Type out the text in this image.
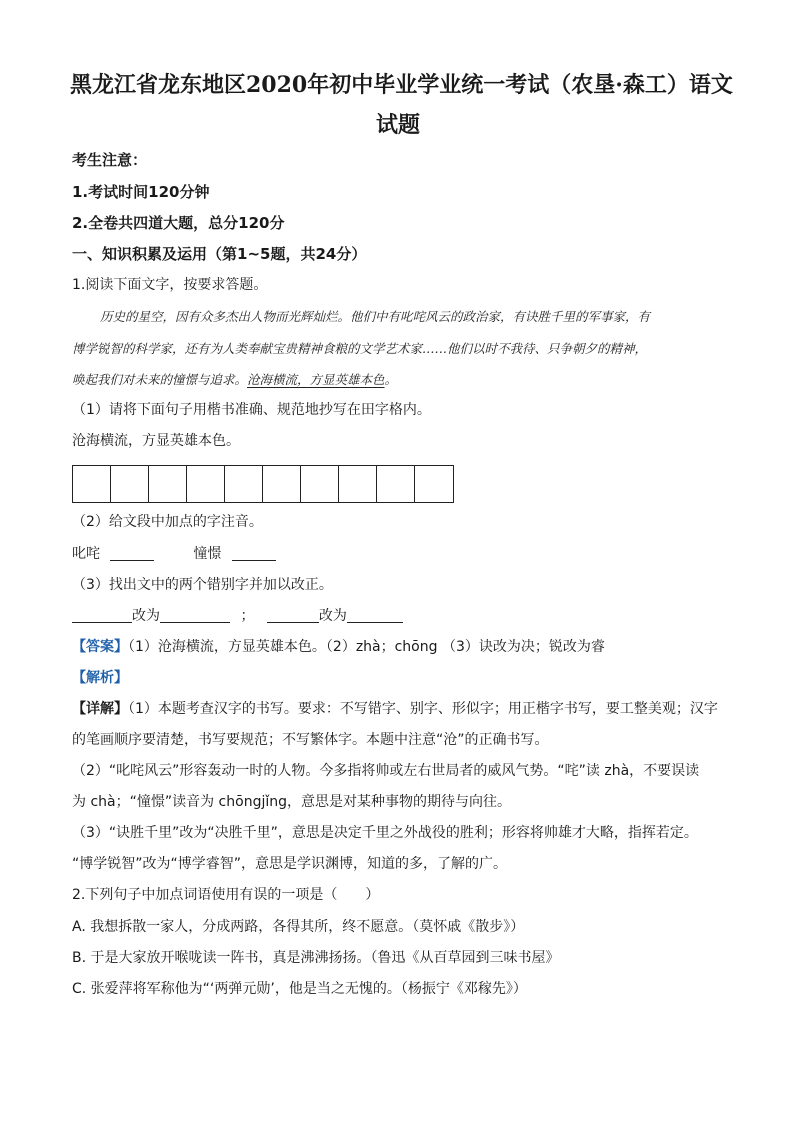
黑龙江省龙东地区2020年初中毕业学业统一考试（农垦·森工）语文
试题
考生注意：
1.考试时间120分钟
2.全卷共四道大题，总分120分
一、知识积累及运用（第1~5题，共24分）
1.阅读下面文字，按要求答题。
历史的星空，因有众多杰出人物而光辉灿烂。他们中有叱咤风云的政治家，有诀胜千里的军事家，有
博学锐智的科学家，还有为人类奉献宝贵精神食粮的文学艺术家……他们以时不我待、只争朝夕的精神，
唤起我们对未来的憧憬与追求。沧海横流，方显英雄本色。
（1）请将下面句子用楷书准确、规范地抄写在田字格内。
沧海横流，方显英雄本色。
（2）给文段中加点的字注音。
叱咤	憧憬
（3）找出文中的两个错别字并加以改正。
改为	；	改为
【答案】（1）沧海横流，方显英雄本色。（2）zhà；chōng （3）诀改为决；锐改为睿
【解析】
【详解】（1）本题考查汉字的书写。要求：不写错字、别字、形似字；用正楷字书写，要工整美观；汉字
的笔画顺序要清楚，书写要规范；不写繁体字。本题中注意“沧”的正确书写。
（2）“叱咤风云”形容轰动一时的人物。今多指将帅或左右世局者的威风气势。“咤”读 zhà，不要误读
为 chà；“憧憬”读音为 chōngjǐng，意思是对某种事物的期待与向往。
（3）“诀胜千里”改为“决胜千里”，意思是决定千里之外战役的胜利；形容将帅雄才大略，指挥若定。
“博学锐智”改为“博学睿智”，意思是学识渊博，知道的多，了解的广。
2.下列句子中加点词语使用有误的一项是（　　）
A. 我想拆散一家人，分成两路，各得其所，终不愿意。（莫怀戚《散步》）
B. 于是大家放开喉咙读一阵书，真是沸沸扬扬。（鲁迅《从百草园到三味书屋》
C. 张爱萍将军称他为“‘两弹元勋’，他是当之无愧的。（杨振宁《邓稼先》）
